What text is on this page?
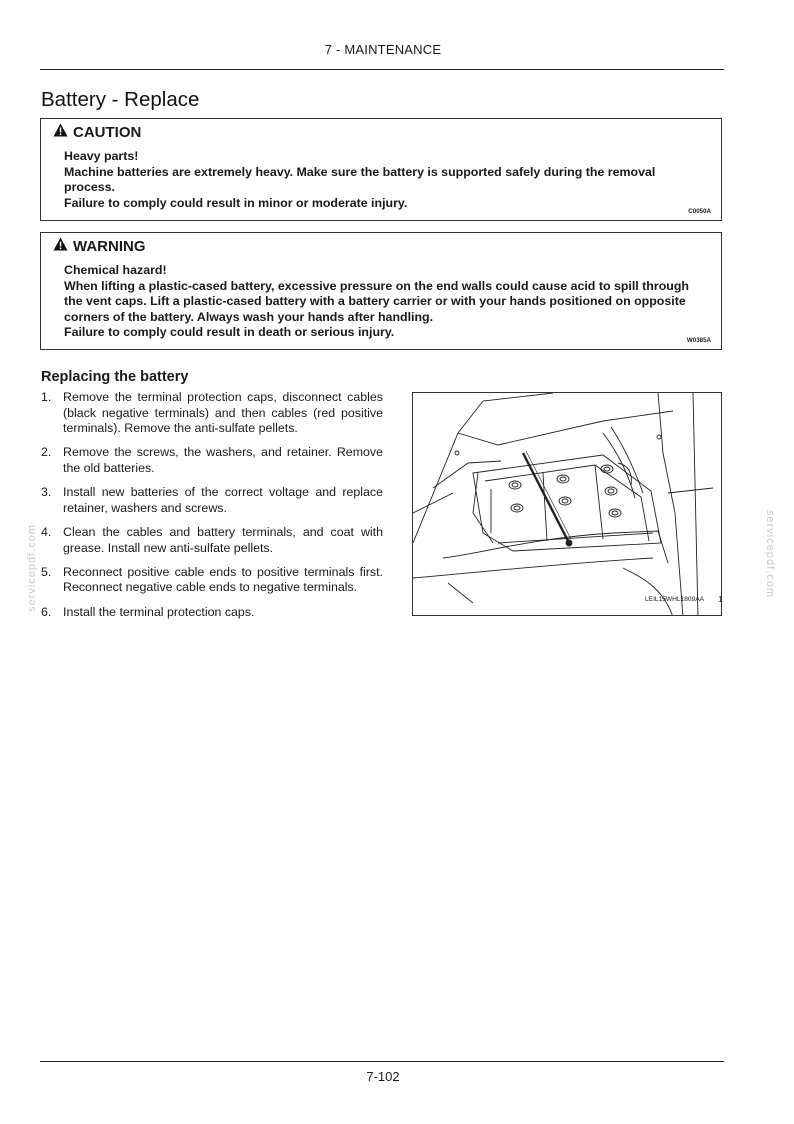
7 - MAINTENANCE
Battery - Replace
CAUTION
Heavy parts!
Machine batteries are extremely heavy. Make sure the battery is supported safely during the removal process.
Failure to comply could result in minor or moderate injury.
C0050A
WARNING
Chemical hazard!
When lifting a plastic-cased battery, excessive pressure on the end walls could cause acid to spill through the vent caps. Lift a plastic-cased battery with a battery carrier or with your hands positioned on opposite corners of the battery. Always wash your hands after handling.
Failure to comply could result in death or serious injury.
W0385A
Replacing the battery
1. Remove the terminal protection caps, disconnect cables (black negative terminals) and then cables (red positive terminals). Remove the anti-sulfate pellets.
2. Remove the screws, the washers, and retainer. Remove the old batteries.
3. Install new batteries of the correct voltage and replace retainer, washers and screws.
4. Clean the cables and battery terminals, and coat with grease. Install new anti-sulfate pellets.
5. Reconnect positive cable ends to positive terminals first. Reconnect negative cable ends to negative terminals.
6. Install the terminal protection caps.
LEIL15WHL1809AA 1
servicepdf.com	servicepdf.com
7-102
